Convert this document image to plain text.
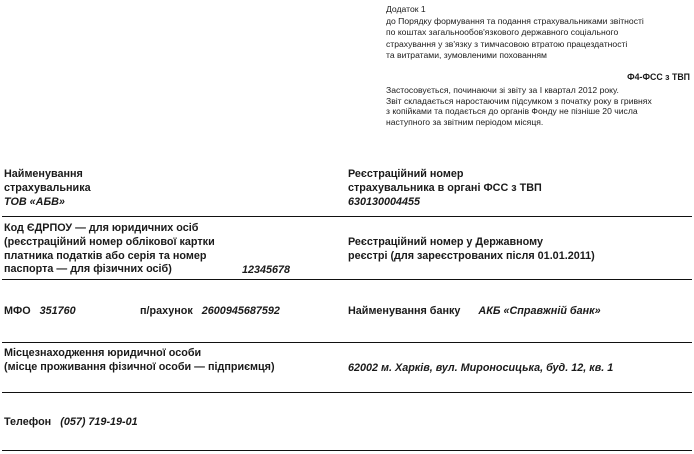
Додаток 1
до Порядку формування та подання страхувальниками звітності
по коштах загальнообов'язкового державного соціального
страхування у зв'язку з тимчасовою втратою працездатності
та витратами, зумовленими похованням
Ф4-ФСС з ТВП
Застосовується, починаючи зі звіту за I квартал 2012 року.
Звіт складається наростаючим підсумком з початку року в гривнях
з копійками та подається до органів Фонду не пізніше 20 числа
наступного за звітним періодом місяця.
Найменування
страхувальника
ТОВ «АБВ»
Реєстраційний номер
страхувальника в органі ФСС з ТВП
630130004455
Код ЄДРПОУ — для юридичних осіб
(реєстраційний номер облікової картки
платника податків або серія та номер
паспорта — для фізичних осіб)	12345678
Реєстраційний номер у Державному
реєстрі (для зареєстрованих після 01.01.2011)
МФО 351760	п/рахунок 2600945687592	Найменування банку АКБ «Справжній банк»
Місцезнаходження юридичної особи
(місце проживання фізичної особи — підприємця)	62002 м. Харків, вул. Мироносицька, буд. 12, кв. 1
Телефон (057) 719-19-01
